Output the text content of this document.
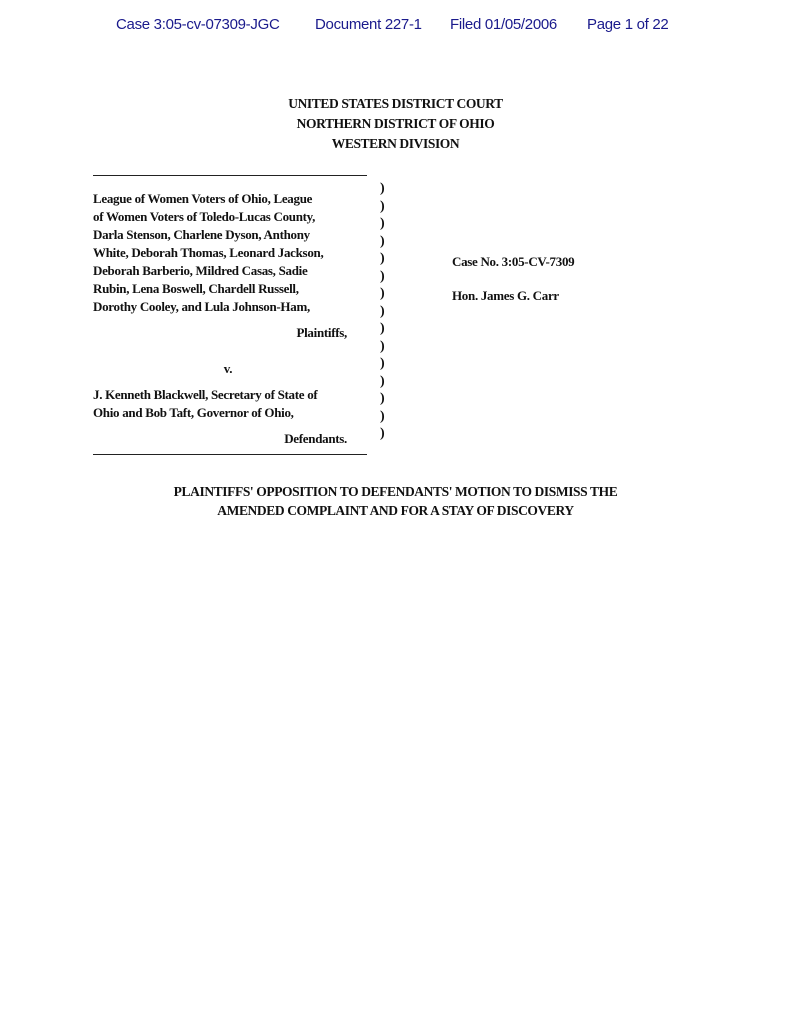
Case 3:05-cv-07309-JGC Document 227-1 Filed 01/05/2006 Page 1 of 22
UNITED STATES DISTRICT COURT
NORTHERN DISTRICT OF OHIO
WESTERN DIVISION
League of Women Voters of Ohio, League
of Women Voters of Toledo-Lucas County,
Darla Stenson, Charlene Dyson, Anthony
White, Deborah Thomas, Leonard Jackson,
Deborah Barberio, Mildred Casas, Sadie
Rubin, Lena Boswell, Chardell Russell,
Dorothy Cooley, and Lula Johnson-Ham,
Plaintiffs,
v.
J. Kenneth Blackwell, Secretary of State of
Ohio and Bob Taft, Governor of Ohio,
Defendants.
)
)
)
)
)
)
)
)
)
)
)
)
)
)
)
Case No. 3:05-CV-7309
Hon. James G. Carr
PLAINTIFFS' OPPOSITION TO DEFENDANTS' MOTION TO DISMISS THE
AMENDED COMPLAINT AND FOR A STAY OF DISCOVERY
